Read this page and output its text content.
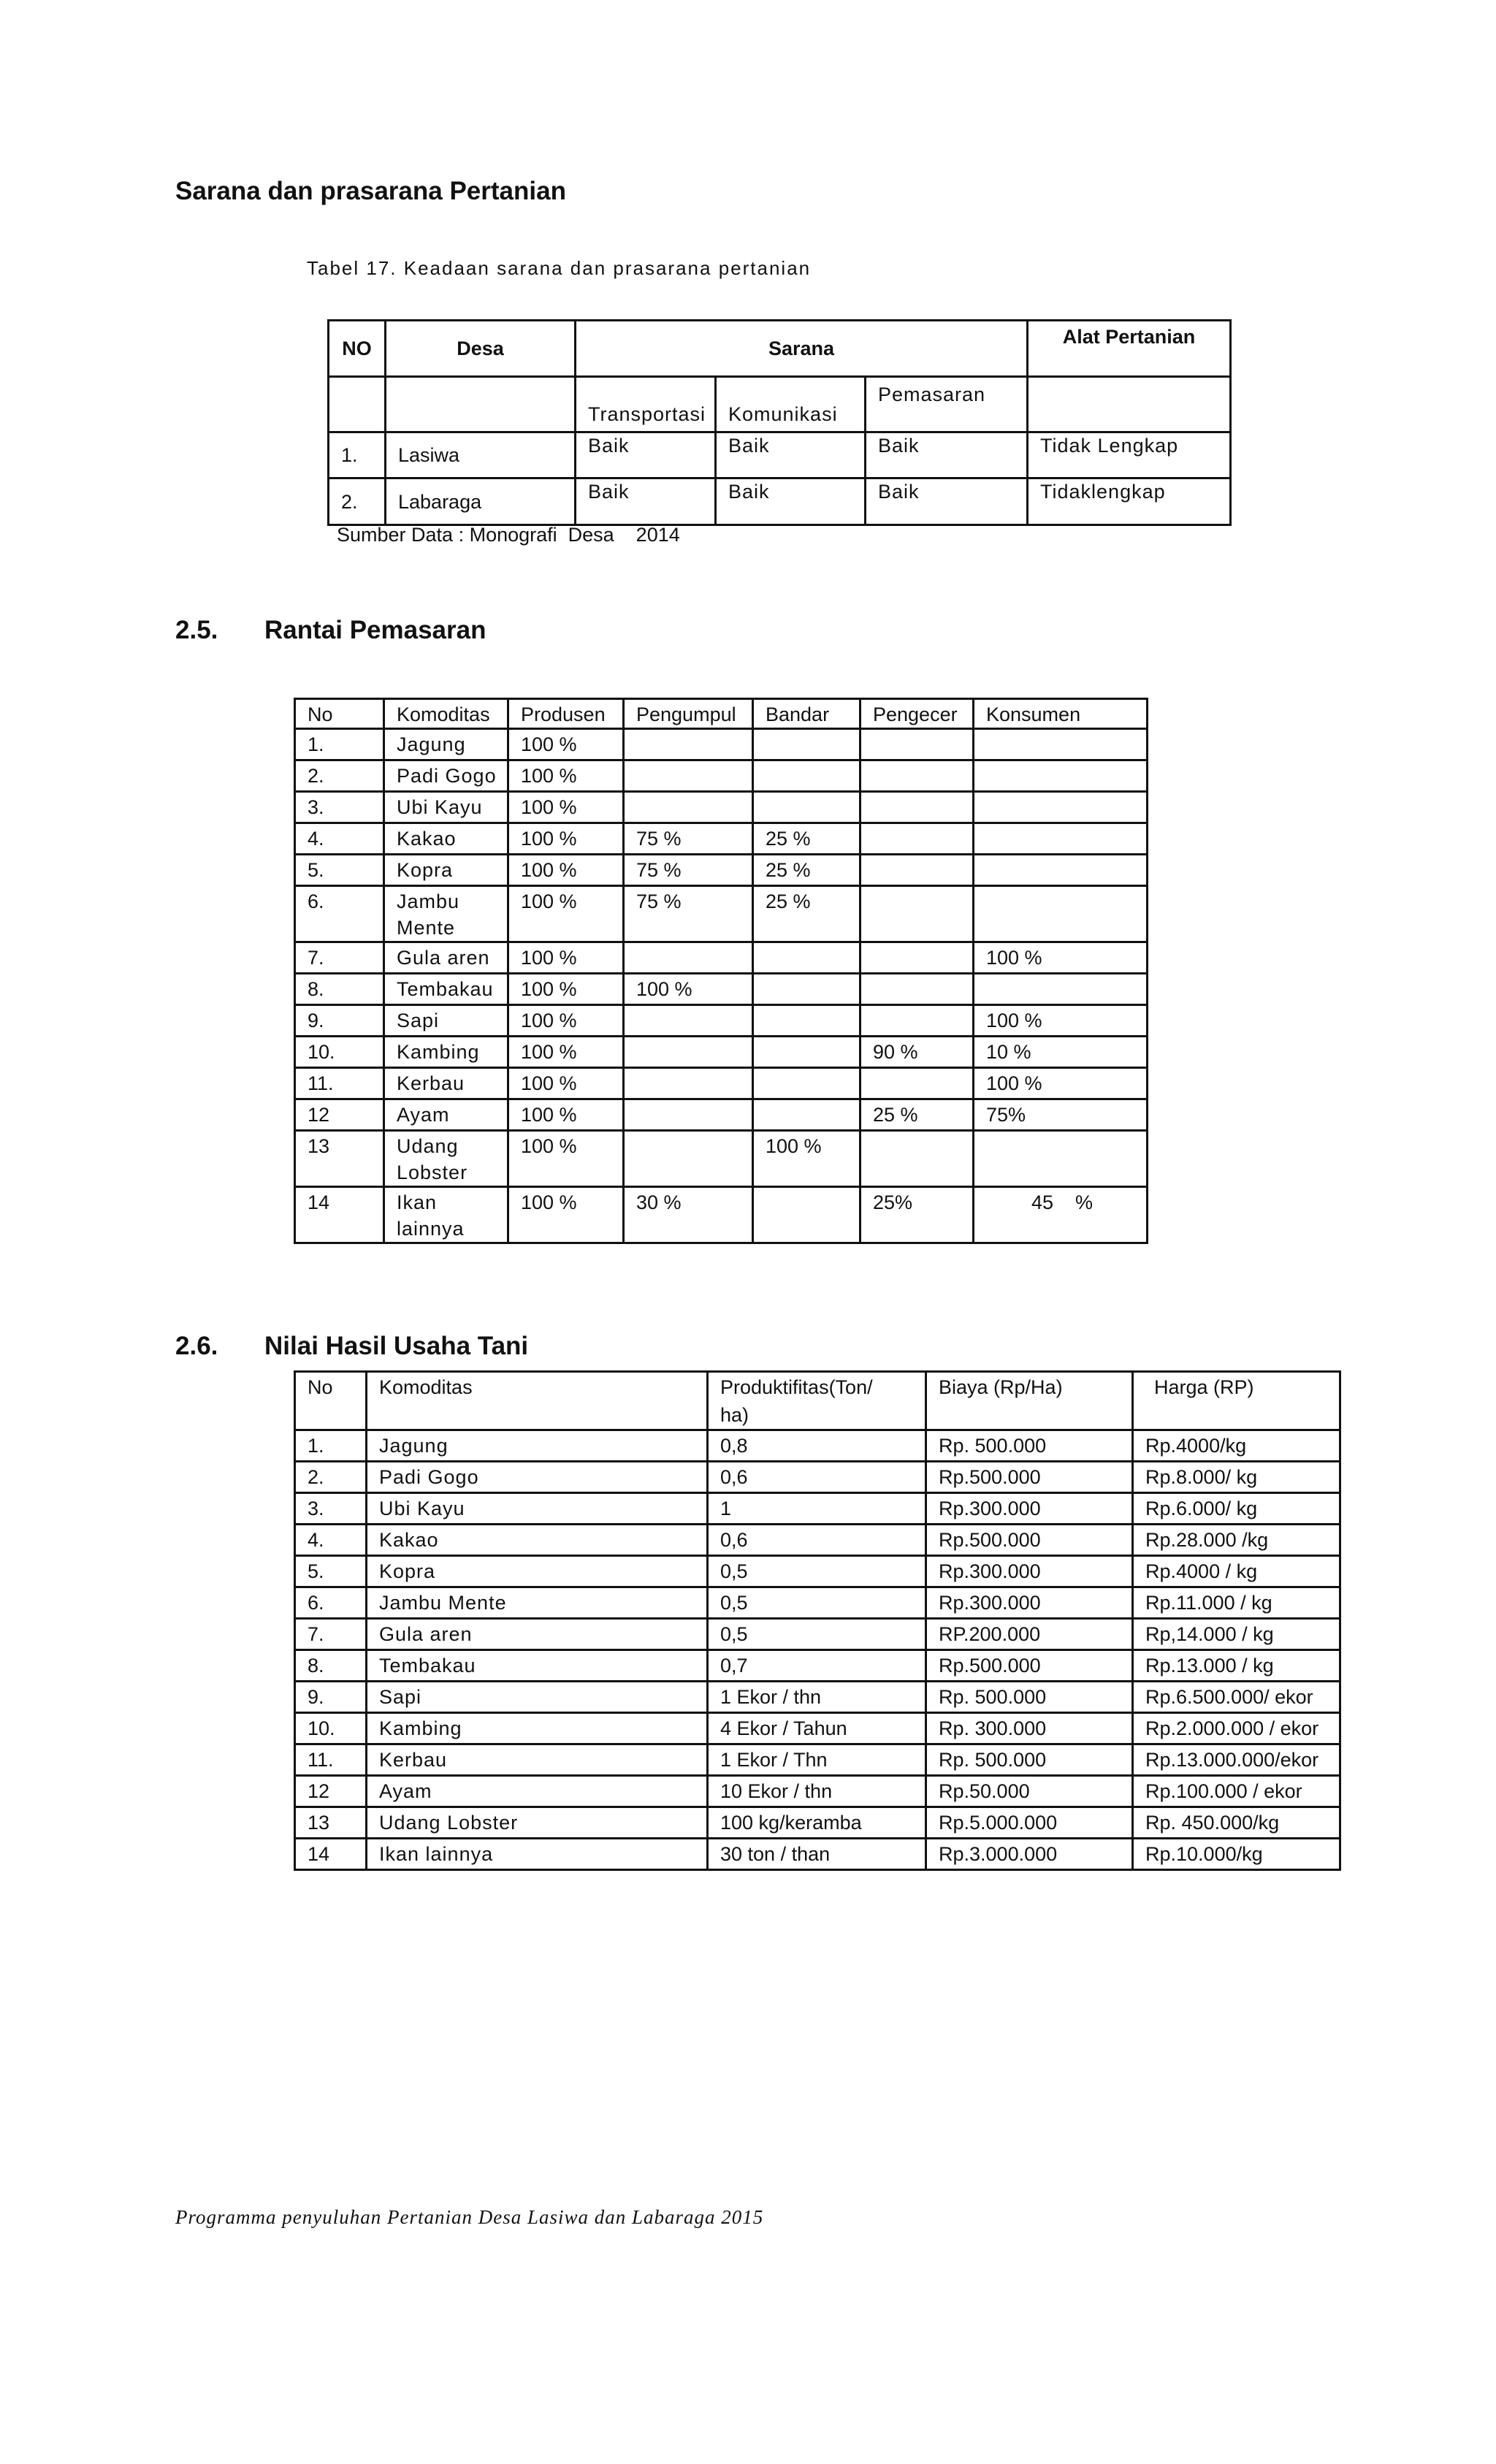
Sarana dan prasarana Pertanian
Tabel 17. Keadaan sarana dan prasarana pertanian
NO	Desa	Sarana			Alat Pertanian
		Transportasi	Komunikasi	Pemasaran	
1.	Lasiwa	Baik	Baik	Baik	Tidak Lengkap
2.	Labaraga	Baik	Baik	Baik	Tidaklengkap
Sumber Data : Monografi  Desa    2014
2.5. Rantai Pemasaran
No	Komoditas	Produsen	Pengumpul	Bandar	Pengecer	Konsumen
1.	Jagung	100 %				
2.	Padi Gogo	100 %				
3.	Ubi Kayu	100 %				
4.	Kakao	100 %	75 %	25 %		
5.	Kopra	100 %	75 %	25 %		
6.	Jambu Mente	100 %	75 %	25 %		
7.	Gula aren	100 %				100 %
8.	Tembakau	100 %	100 %			
9.	Sapi	100 %				100 %
10.	Kambing	100 %			90 %	10 %
11.	Kerbau	100 %				100 %
12	Ayam	100 %			25 %	75%
13	Udang Lobster	100 %		100 %		
14	Ikan lainnya	100 %	30 %		25%	45    %
2.6. Nilai Hasil Usaha Tani
No	Komoditas	Produktifitas(Ton/ ha)	Biaya (Rp/Ha)	Harga (RP)
1.	Jagung	0,8	Rp. 500.000	Rp.4000/kg
2.	Padi Gogo	0,6	Rp.500.000	Rp.8.000/ kg
3.	Ubi Kayu	1	Rp.300.000	Rp.6.000/ kg
4.	Kakao	0,6	Rp.500.000	Rp.28.000 /kg
5.	Kopra	0,5	Rp.300.000	Rp.4000 / kg
6.	Jambu Mente	0,5	Rp.300.000	Rp.11.000 / kg
7.	Gula aren	0,5	RP.200.000	Rp,14.000 / kg
8.	Tembakau	0,7	Rp.500.000	Rp.13.000 / kg
9.	Sapi	1 Ekor / thn	Rp. 500.000	Rp.6.500.000/ ekor
10.	Kambing	4 Ekor / Tahun	Rp. 300.000	Rp.2.000.000 / ekor
11.	Kerbau	1 Ekor / Thn	Rp. 500.000	Rp.13.000.000/ekor
12	Ayam	10 Ekor / thn	Rp.50.000	Rp.100.000 / ekor
13	Udang Lobster	100 kg/keramba	Rp.5.000.000	Rp. 450.000/kg
14	Ikan lainnya	30 ton / than	Rp.3.000.000	Rp.10.000/kg
Programma penyuluhan Pertanian Desa Lasiwa dan Labaraga 2015
